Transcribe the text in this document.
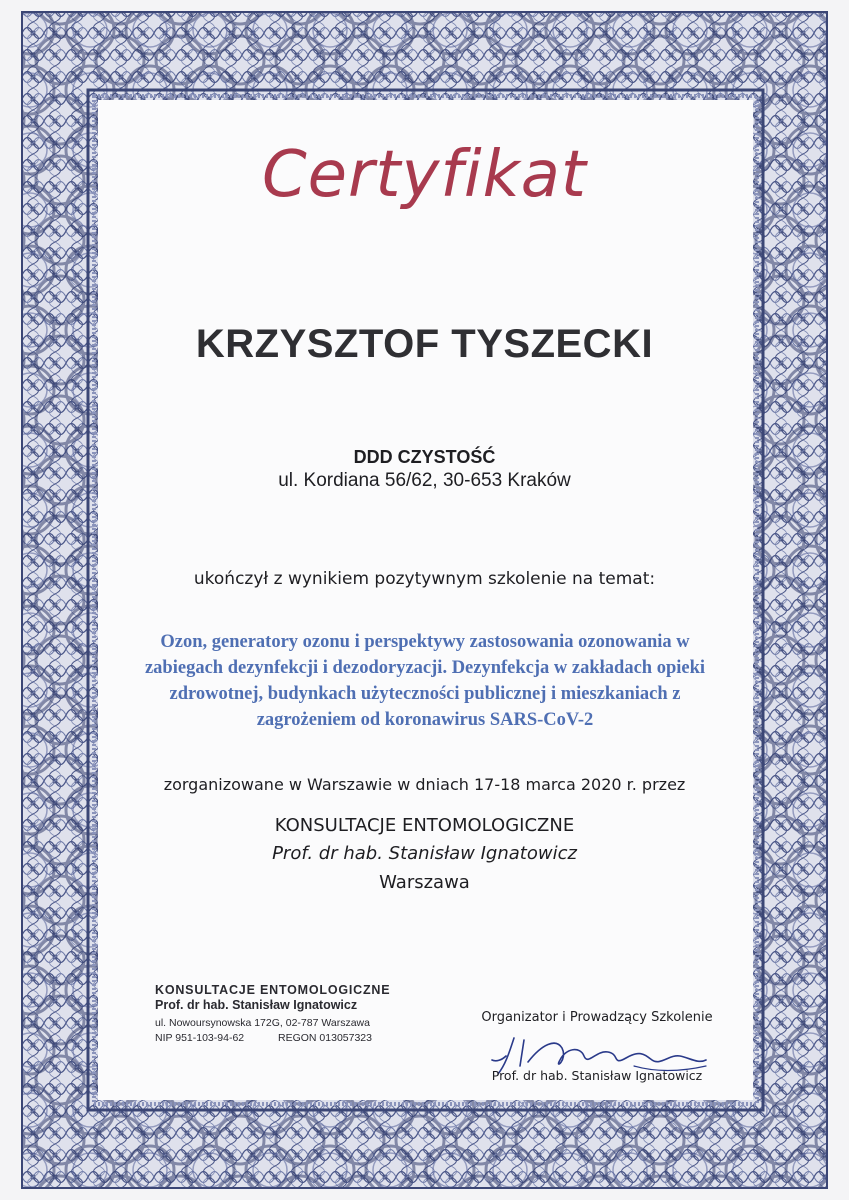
Certyfikat
KRZYSZTOF TYSZECKI
DDD CZYSTOŚĆ
ul. Kordiana 56/62, 30-653 Kraków
ukończył z wynikiem pozytywnym szkolenie na temat:
Ozon, generatory ozonu i perspektywy zastosowania ozonowania w zabiegach dezynfekcji i dezodoryzacji. Dezynfekcja w zakładach opieki zdrowotnej, budynkach użyteczności publicznej i mieszkaniach z zagrożeniem od koronawirus SARS-CoV-2
zorganizowane w Warszawie w dniach 17-18 marca 2020 r. przez
KONSULTACJE ENTOMOLOGICZNE
Prof. dr hab. Stanisław Ignatowicz
Warszawa
KONSULTACJE ENTOMOLOGICZNE
Prof. dr hab. Stanisław Ignatowicz
ul. Nowoursynowska 172G, 02-787 Warszawa
NIP 951-103-94-62	REGON 013057323
Organizator i Prowadzący Szkolenie
Prof. dr hab. Stanisław Ignatowicz
